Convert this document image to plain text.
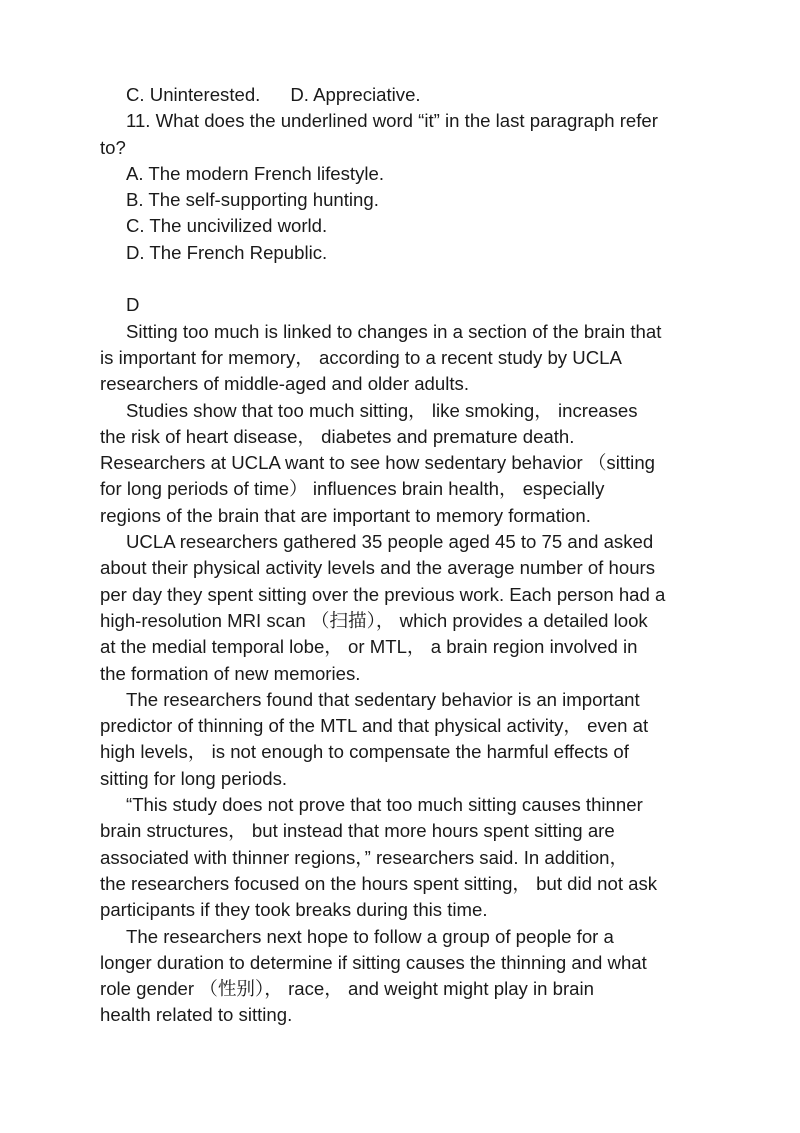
C. Uninterested. D. Appreciative.
11. What does the underlined word “it” in the last paragraph refer
to?
A. The modern French lifestyle.
B. The self-supporting hunting.
C. The uncivilized world.
D. The French Republic.
D
Sitting too much is linked to changes in a section of the brain that
is important for memory， according to a recent study by UCLA
researchers of middle-aged and older adults.
Studies show that too much sitting， like smoking， increases
the risk of heart disease， diabetes and premature death.
Researchers at UCLA want to see how sedentary behavior （sitting
for long periods of time） influences brain health， especially
regions of the brain that are important to memory formation.
UCLA researchers gathered 35 people aged 45 to 75 and asked
about their physical activity levels and the average number of hours
per day they spent sitting over the previous work. Each person had a
high-resolution MRI scan （扫描）， which provides a detailed look
at the medial temporal lobe， or MTL， a brain region involved in
the formation of new memories.
The researchers found that sedentary behavior is an important
predictor of thinning of the MTL and that physical activity， even at
high levels， is not enough to compensate the harmful effects of
sitting for long periods.
“This study does not prove that too much sitting causes thinner
brain structures， but instead that more hours spent sitting are
associated with thinner regions，” researchers said. In addition，
the researchers focused on the hours spent sitting， but did not ask
participants if they took breaks during this time.
The researchers next hope to follow a group of people for a
longer duration to determine if sitting causes the thinning and what
role gender （性别）， race， and weight might play in brain
health related to sitting.
